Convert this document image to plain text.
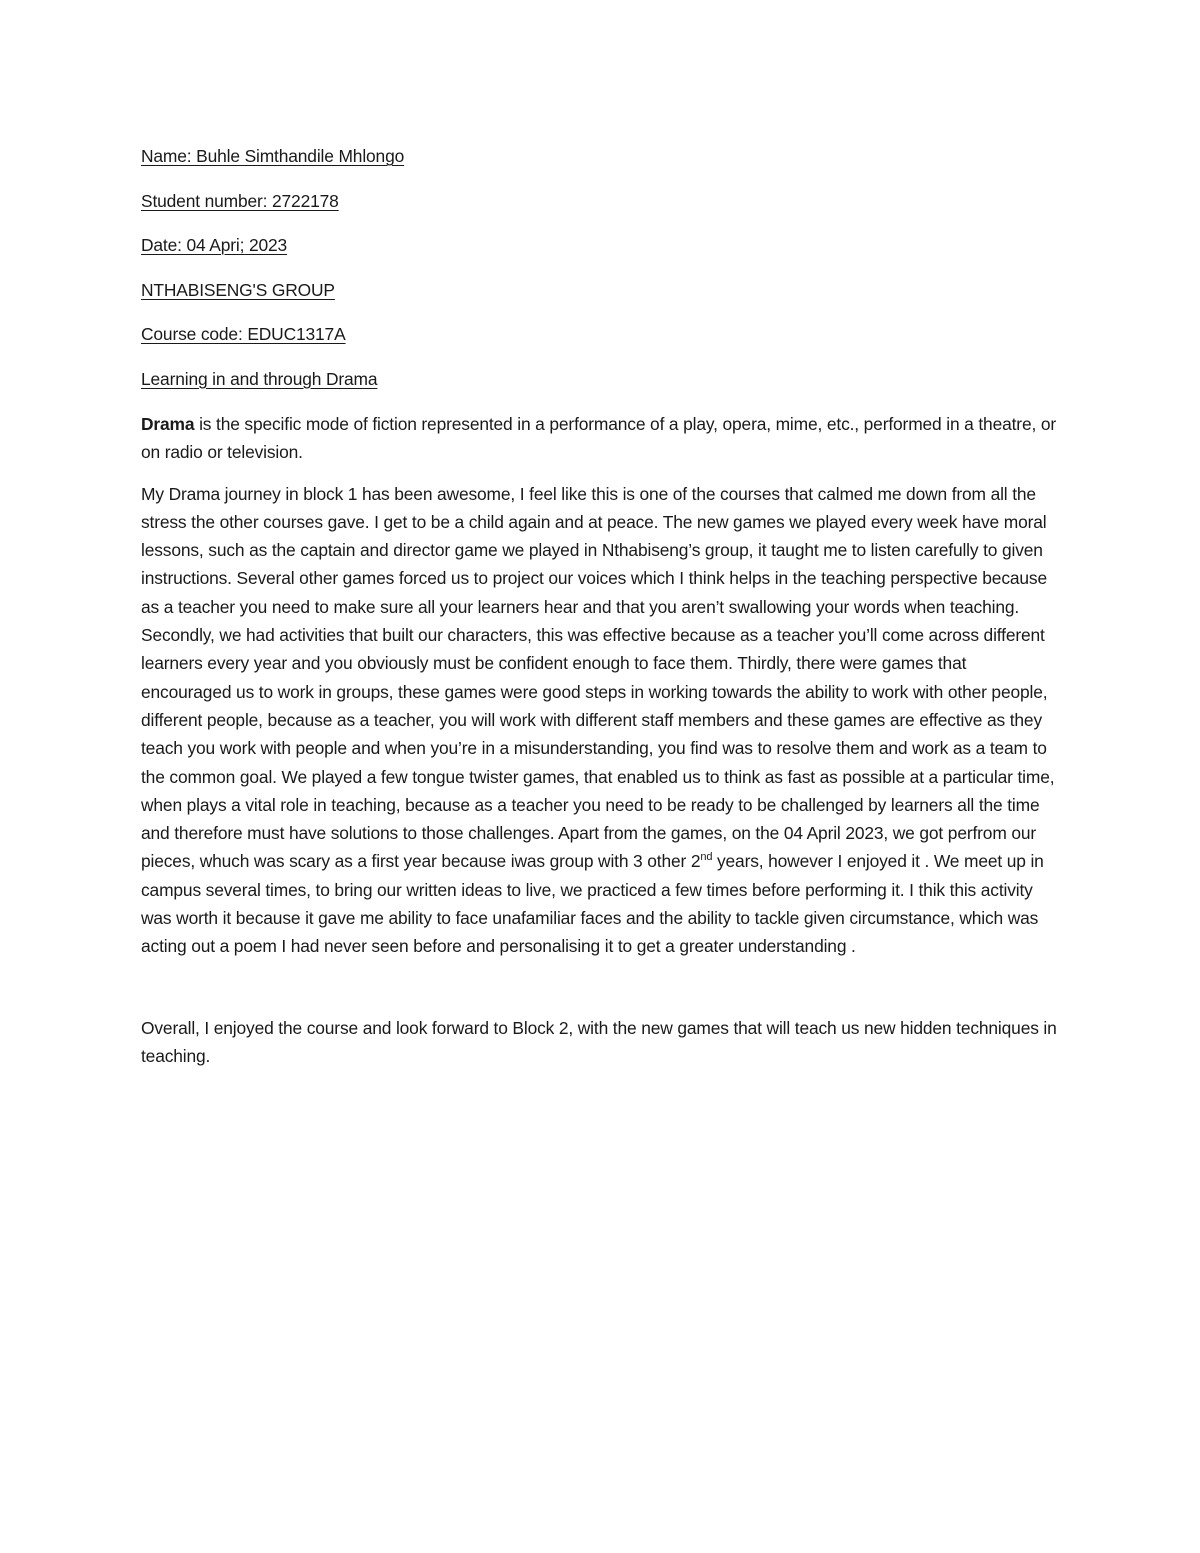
Name: Buhle Simthandile Mhlongo

Student number: 2722178

Date: 04 Apri; 2023

NTHABISENG'S GROUP

Course code: EDUC1317A

Learning in and through Drama

Drama is the specific mode of fiction represented in a performance of a play, opera, mime, etc., performed in a theatre, or on radio or television.

My Drama journey in block 1 has been awesome, I feel like this is one of the courses that calmed me down from all the stress the other courses gave. I get to be a child again and at peace. The new games we played every week have moral lessons, such as the captain and director game we played in Nthabiseng’s group, it taught me to listen carefully to given instructions. Several other games forced us to project our voices which I think helps in the teaching perspective because as a teacher you need to make sure all your learners hear and that you aren’t swallowing your words when teaching. Secondly, we had activities that built our characters, this was effective because as a teacher you’ll come across different learners every year and you obviously must be confident enough to face them. Thirdly, there were games that encouraged us to work in groups, these games were good steps in working towards the ability to work with other people, different people, because as a teacher, you will work with different staff members and these games are effective as they teach you work with people and when you’re in a misunderstanding, you find was to resolve them and work as a team to the common goal. We played a few tongue twister games, that enabled us to think as fast as possible at a particular time, when plays a vital role in teaching, because as a teacher you need to be ready to be challenged by learners all the time and therefore must have solutions to those challenges. Apart from the games, on the 04 April 2023, we got perfrom our pieces, whuch was scary as a first year because iwas group with 3 other 2nd years, however I enjoyed it . We meet up in campus several times, to bring our written ideas to live, we practiced a few times before performing it. I thik this activity was worth it because it gave me ability to face unafamiliar faces and the ability to tackle given circumstance, which was acting out a poem I had never seen before and personalising it to get a greater understanding .

Overall, I enjoyed the course and look forward to Block 2, with the new games that will teach us new hidden techniques in teaching.
